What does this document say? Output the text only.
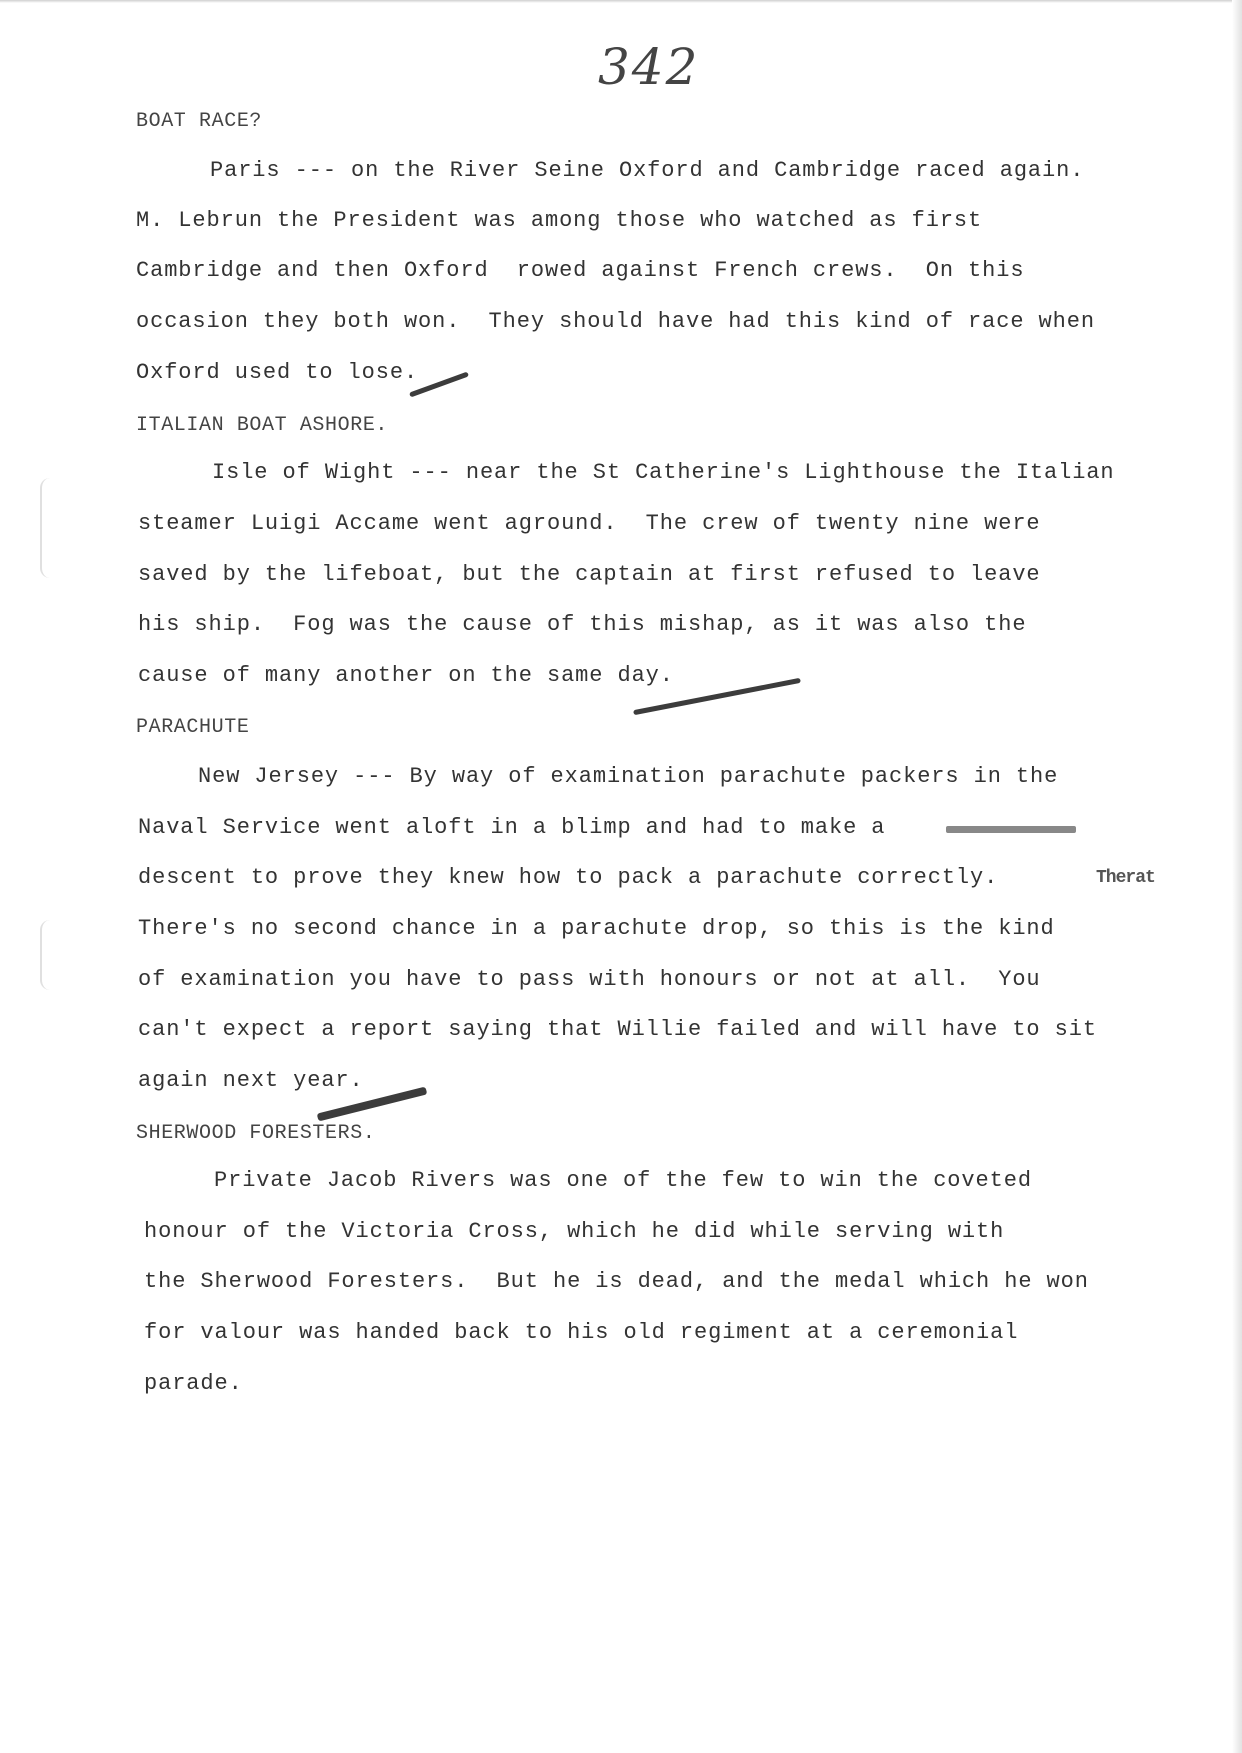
342
BOAT RACE?
Paris --- on the River Seine Oxford and Cambridge raced again.
M. Lebrun the President was among those who watched as first
Cambridge and then Oxford  rowed against French crews.  On this
occasion they both won.  They should have had this kind of race when
Oxford used to lose.
ITALIAN BOAT ASHORE.
Isle of Wight --- near the St Catherine's Lighthouse the Italian
steamer Luigi Accame went aground.  The crew of twenty nine were
saved by the lifeboat, but the captain at first refused to leave
his ship.  Fog was the cause of this mishap, as it was also the
cause of many another on the same day.
PARACHUTE
New Jersey --- By way of examination parachute packers in the
Naval Service went aloft in a blimp and had to make a
descent to prove they knew how to pack a parachute correctly.	Therat
There's no second chance in a parachute drop, so this is the kind
of examination you have to pass with honours or not at all.  You
can't expect a report saying that Willie failed and will have to sit
again next year.
SHERWOOD FORESTERS.
Private Jacob Rivers was one of the few to win the coveted
honour of the Victoria Cross, which he did while serving with
the Sherwood Foresters.  But he is dead, and the medal which he won
for valour was handed back to his old regiment at a ceremonial
parade.
